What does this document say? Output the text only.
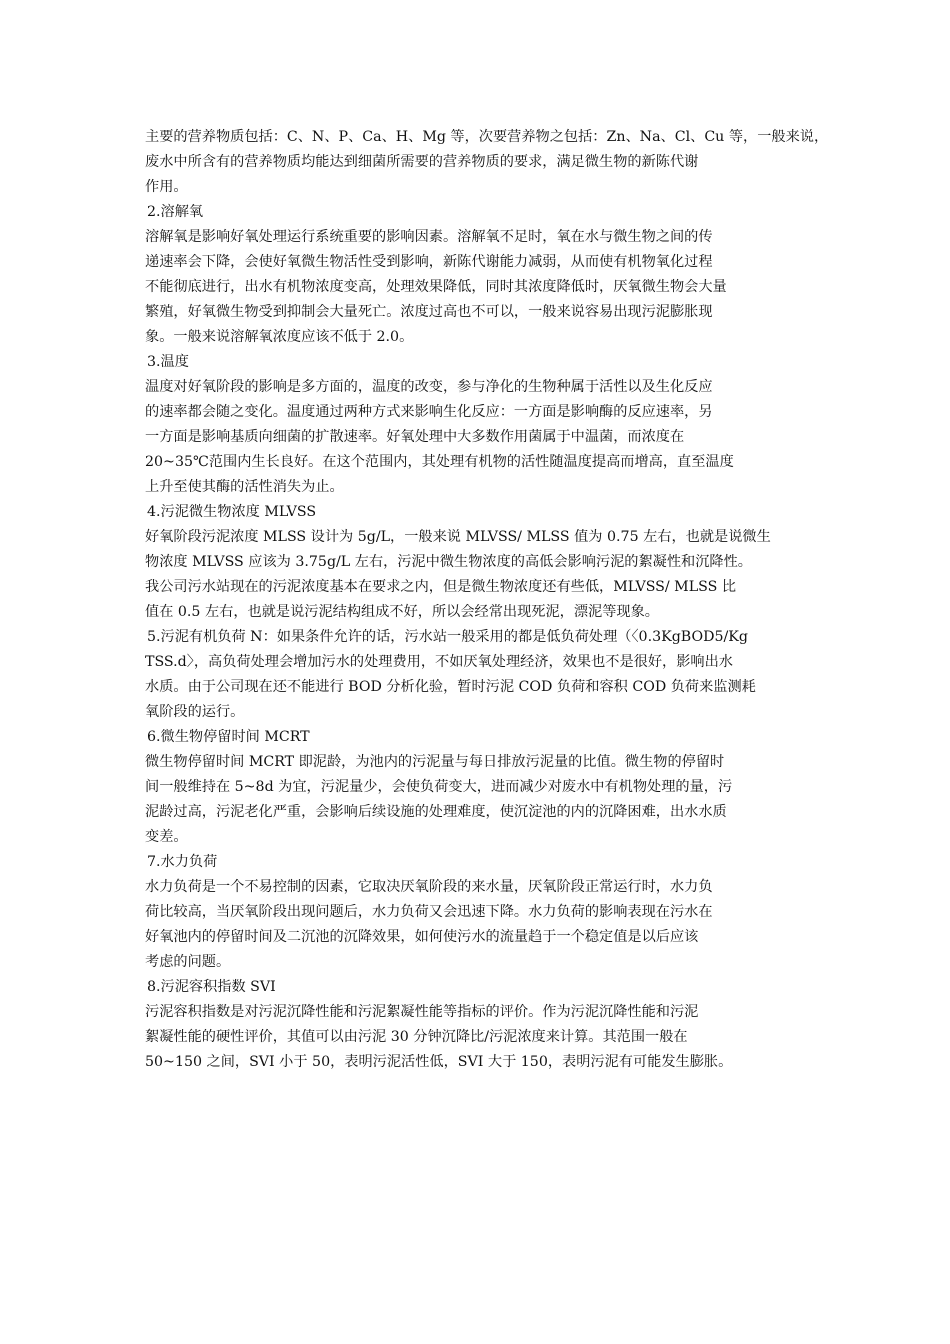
主要的营养物质包括：C、N、P、Ca、H、Mg 等，次要营养物之包括：Zn、Na、Cl、Cu 等，一般来说，
废水中所含有的营养物质均能达到细菌所需要的营养物质的要求，满足微生物的新陈代谢
作用。
2.溶解氧
溶解氧是影响好氧处理运行系统重要的影响因素。溶解氧不足时，氧在水与微生物之间的传
递速率会下降，会使好氧微生物活性受到影响，新陈代谢能力减弱，从而使有机物氧化过程
不能彻底进行，出水有机物浓度变高，处理效果降低，同时其浓度降低时，厌氧微生物会大量
繁殖，好氧微生物受到抑制会大量死亡。浓度过高也不可以，一般来说容易出现污泥膨胀现
象。一般来说溶解氧浓度应该不低于 2.0。
3.温度
温度对好氧阶段的影响是多方面的，温度的改变，参与净化的生物种属于活性以及生化反应
的速率都会随之变化。温度通过两种方式来影响生化反应：一方面是影响酶的反应速率，另
一方面是影响基质向细菌的扩散速率。好氧处理中大多数作用菌属于中温菌，而浓度在
20~35℃范围内生长良好。在这个范围内，其处理有机物的活性随温度提高而增高，直至温度
上升至使其酶的活性消失为止。
4.污泥微生物浓度 MLVSS
好氧阶段污泥浓度 MLSS 设计为 5g/L，一般来说 MLVSS/ MLSS 值为 0.75 左右，也就是说微生
物浓度 MLVSS 应该为 3.75g/L 左右，污泥中微生物浓度的高低会影响污泥的絮凝性和沉降性。
我公司污水站现在的污泥浓度基本在要求之内，但是微生物浓度还有些低，MLVSS/ MLSS 比
值在 0.5 左右，也就是说污泥结构组成不好，所以会经常出现死泥，漂泥等现象。
5.污泥有机负荷 N：如果条件允许的话，污水站一般采用的都是低负荷处理（〈0.3KgBOD5/Kg
TSS.d〉，高负荷处理会增加污水的处理费用，不如厌氧处理经济，效果也不是很好，影响出水
水质。由于公司现在还不能进行 BOD 分析化验，暂时污泥 COD 负荷和容积 COD 负荷来监测耗
氧阶段的运行。
6.微生物停留时间 MCRT
微生物停留时间 MCRT 即泥龄，为池内的污泥量与每日排放污泥量的比值。微生物的停留时
间一般维持在 5~8d 为宜，污泥量少，会使负荷变大，进而减少对废水中有机物处理的量，污
泥龄过高，污泥老化严重，会影响后续设施的处理难度，使沉淀池的内的沉降困难，出水水质
变差。
7.水力负荷
水力负荷是一个不易控制的因素，它取决厌氧阶段的来水量，厌氧阶段正常运行时，水力负
荷比较高，当厌氧阶段出现问题后，水力负荷又会迅速下降。水力负荷的影响表现在污水在
好氧池内的停留时间及二沉池的沉降效果，如何使污水的流量趋于一个稳定值是以后应该
考虑的问题。
8.污泥容积指数 SVI
污泥容积指数是对污泥沉降性能和污泥絮凝性能等指标的评价。作为污泥沉降性能和污泥
絮凝性能的硬性评价，其值可以由污泥 30 分钟沉降比/污泥浓度来计算。其范围一般在
50~150 之间，SVI 小于 50，表明污泥活性低，SVI 大于 150，表明污泥有可能发生膨胀。
